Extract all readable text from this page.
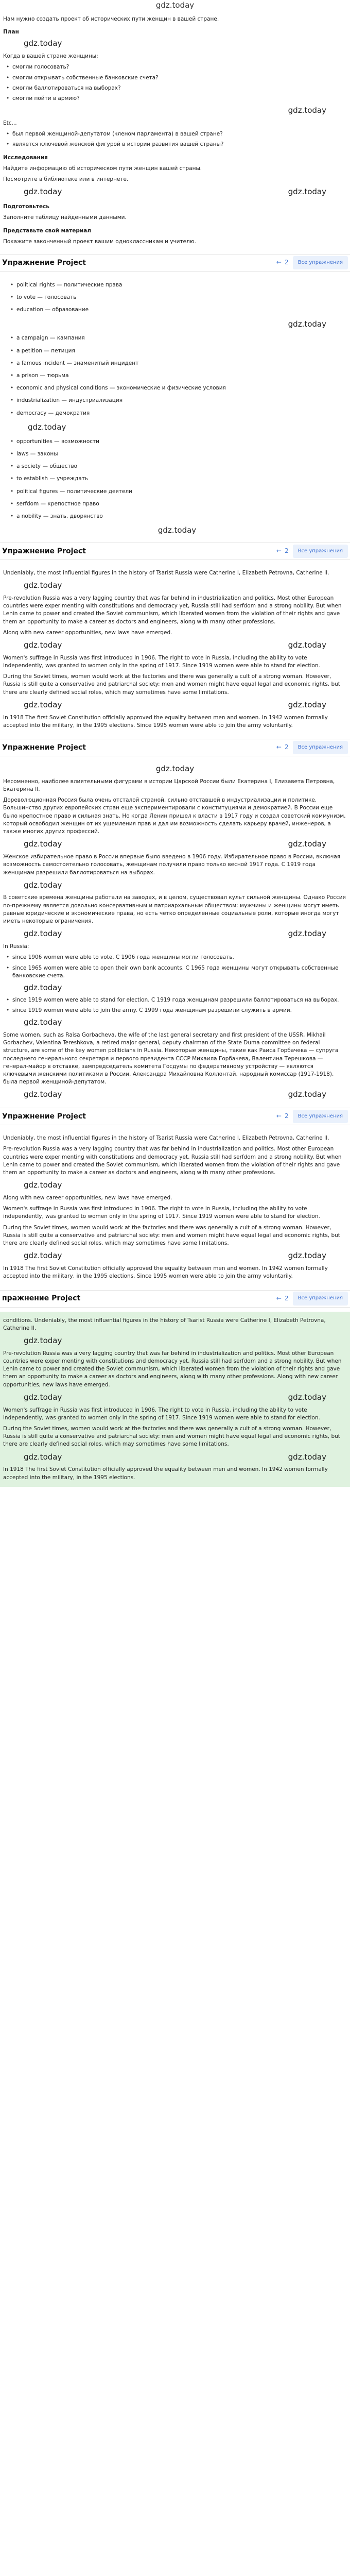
gdz.today
Нам нужно создать проект об исторических пути женщин в вашей стране.
План
gdz.today
Когда в вашей стране женщины:
• смогли голосовать?
• смогли открывать собственные банковские счета?
• смогли баллотироваться на выборах?
• смогли пойти в армию?
gdz.today
Etc...
• был первой женщиной-депутатом (членом парламента) в вашей стране?
• является ключевой женской фигурой в истории развития вашей страны?
Исследования
Найдите информацию об историческом пути женщин вашей страны.
Посмотрите в библиотеке или в интернете.
gdz.today	gdz.today
Подготовьтесь
Заполните таблицу найденными данными.
Представьте свой материал
Покажите законченный проект вашим одноклассникам и учителю.
Упражнение Project	← 2	Все упражнения
• political rights — политические права
• to vote — голосовать
• education — образование
gdz.today
• a campaign — кампания
• a petition — петиция
• a famous incident — знаменитый инцидент
• a prison — тюрьма
• economic and physical conditions — экономические и физические условия
• industrialization — индустриализация
• democracy — демократия
gdz.today
• opportunities — возможности
• laws — законы
• a society — общество
• to establish — учреждать
• political figures — политические деятели
• serfdom — крепостное право
• a nobility — знать, дворянство
gdz.today
Упражнение Project	← 2	Все упражнения

Undeniably, the most influential figures in the history of Tsarist Russia were Catherine I, Elizabeth Petrovna, Catherine II.

gdz.today

Pre-revolution Russia was a very lagging country that was far behind in industrialization and politics. Most other European countries were experimenting with constitutions and democracy yet, Russia still had serfdom and a strong nobility. But when Lenin came to power and created the Soviet communism, which liberated women from the violation of their rights and gave them an opportunity to make a career as doctors and engineers, along with many other professions.

Along with new career opportunities, new laws have emerged.

gdz.today	gdz.today

Women's suffrage in Russia was first introduced in 1906. The right to vote in Russia, including the ability to vote independently, was granted to women only in the spring of 1917. Since 1919 women were able to stand for election.

During the Soviet times, women would work at the factories and there was generally a cult of a strong woman. However, Russia is still quite a conservative and patriarchal society: men and women might have equal legal and economic rights, but there are clearly defined social roles, which may sometimes have some limitations.

gdz.today	gdz.today

In 1918 The first Soviet Constitution officially approved the equality between men and women. In 1942 women formally accepted into the military, in the 1995 elections. Since 1995 women were able to join the army voluntarily.

Упражнение Project	← 2	Все упражнения
gdz.today

Несомненно, наиболее влиятельными фигурами в истории Царской России были Екатерина I, Елизавета Петровна, Екатерина II.

Дореволюционная Россия была очень отсталой страной, сильно отставшей в индустриализации и политике. Большинство других европейских стран еще экспериментировали с конституциями и демократией. В России еще было крепостное право и сильная знать. Но когда Ленин пришел к власти в 1917 году и создал советский коммунизм, который освободил женщин от их ущемления прав и дал им возможность сделать карьеру врачей, инженеров, а также многих других профессий.

gdz.today	gdz.today

Женское избирательное право в России впервые было введено в 1906 году. Избирательное право в России, включая возможность самостоятельно голосовать, женщинам получили право только весной 1917 года. С 1919 года женщинам разрешили баллотироваться на выборах.

gdz.today

В советские времена женщины работали на заводах, и в целом, существовал культ сильной женщины. Однако Россия по-прежнему является довольно консервативным и патриархальным обществом: мужчины и женщины могут иметь равные юридические и экономические права, но есть четко определенные социальные роли, которые иногда могут иметь некоторые ограничения.

gdz.today	gdz.today

In Russia:

• since 1906 women were able to vote. С 1906 года женщины могли голосовать.
• since 1965 women were able to open their own bank accounts. С 1965 года женщины могут открывать собственные банковские счета.
gdz.today
• since 1919 women were able to stand for election. С 1919 года женщинам разрешили баллотироваться на выборах.
• since 1919 women were able to join the army. С 1999 года женщинам разрешили служить в армии.
gdz.today

Some women, such as Raisa Gorbacheva, the wife of the last general secretary and first president of the USSR, Mikhail Gorbachev, Valentina Tereshkova, a retired major general, deputy chairman of the State Duma committee on federal structure, are some of the key women politicians in Russia. Некоторые женщины, такие как Раиса Горбачева — супруга последнего генерального секретаря и первого президента СССР Михаила Горбачева, Валентина Терешкова — генерал-майор в отставке, зампредседатель комитета Госдумы по федеративному устройству — являются ключевыми женскими политиками в России. Александра Михайловна Коллонтай, народный комиссар (1917-1918), была первой женщиной-депутатом.

gdz.today	gdz.today
Упражнение Project	← 2	Все упражнения

Undeniably, the most influential figures in the history of Tsarist Russia were Catherine I, Elizabeth Petrovna, Catherine II.

Pre-revolution Russia was a very lagging country that was far behind in industrialization and politics. Most other European countries were experimenting with constitutions and democracy yet, Russia still had serfdom and a strong nobility. But when Lenin came to power and created the Soviet communism, which liberated women from the violation of their rights and gave them an opportunity to make a career as doctors and engineers, along with many other professions.

gdz.today

Along with new career opportunities, new laws have emerged.

Women's suffrage in Russia was first introduced in 1906. The right to vote in Russia, including the ability to vote independently, was granted to women only in the spring of 1917. Since 1919 women were able to stand for election.

During the Soviet times, women would work at the factories and there was generally a cult of a strong woman. However, Russia is still quite a conservative and patriarchal society: men and women might have equal legal and economic rights, but there are clearly defined social roles, which may sometimes have some limitations.

gdz.today	gdz.today

In 1918 The first Soviet Constitution officially approved the equality between men and women. In 1942 women formally accepted into the military, in the 1995 elections. Since 1995 women were able to join the army voluntarily.

пражнение Project	← 2	Все упражнения

conditions. Undeniably, the most influential figures in the history of Tsarist Russia were Catherine I, Elizabeth Petrovna, Catherine II.

gdz.today

Pre-revolution Russia was a very lagging country that was far behind in industrialization and politics. Most other European countries were experimenting with constitutions and democracy yet, Russia still had serfdom and a strong nobility. But when Lenin came to power and created the Soviet communism, which liberated women from the violation of their rights and gave them an opportunity to make a career as doctors and engineers, along with many other professions. Along with new career opportunities, new laws have emerged.

gdz.today	gdz.today

Women's suffrage in Russia was first introduced in 1906. The right to vote in Russia, including the ability to vote independently, was granted to women only in the spring of 1917. Since 1919 women were able to stand for election.

During the Soviet times, women would work at the factories and there was generally a cult of a strong woman. However, Russia is still quite a conservative and patriarchal society: men and women might have equal legal and economic rights, but there are clearly defined social roles, which may sometimes have some limitations.

gdz.today	gdz.today

In 1918 The first Soviet Constitution officially approved the equality between men and women. In 1942 women formally accepted into the military, in the 1995 elections.
